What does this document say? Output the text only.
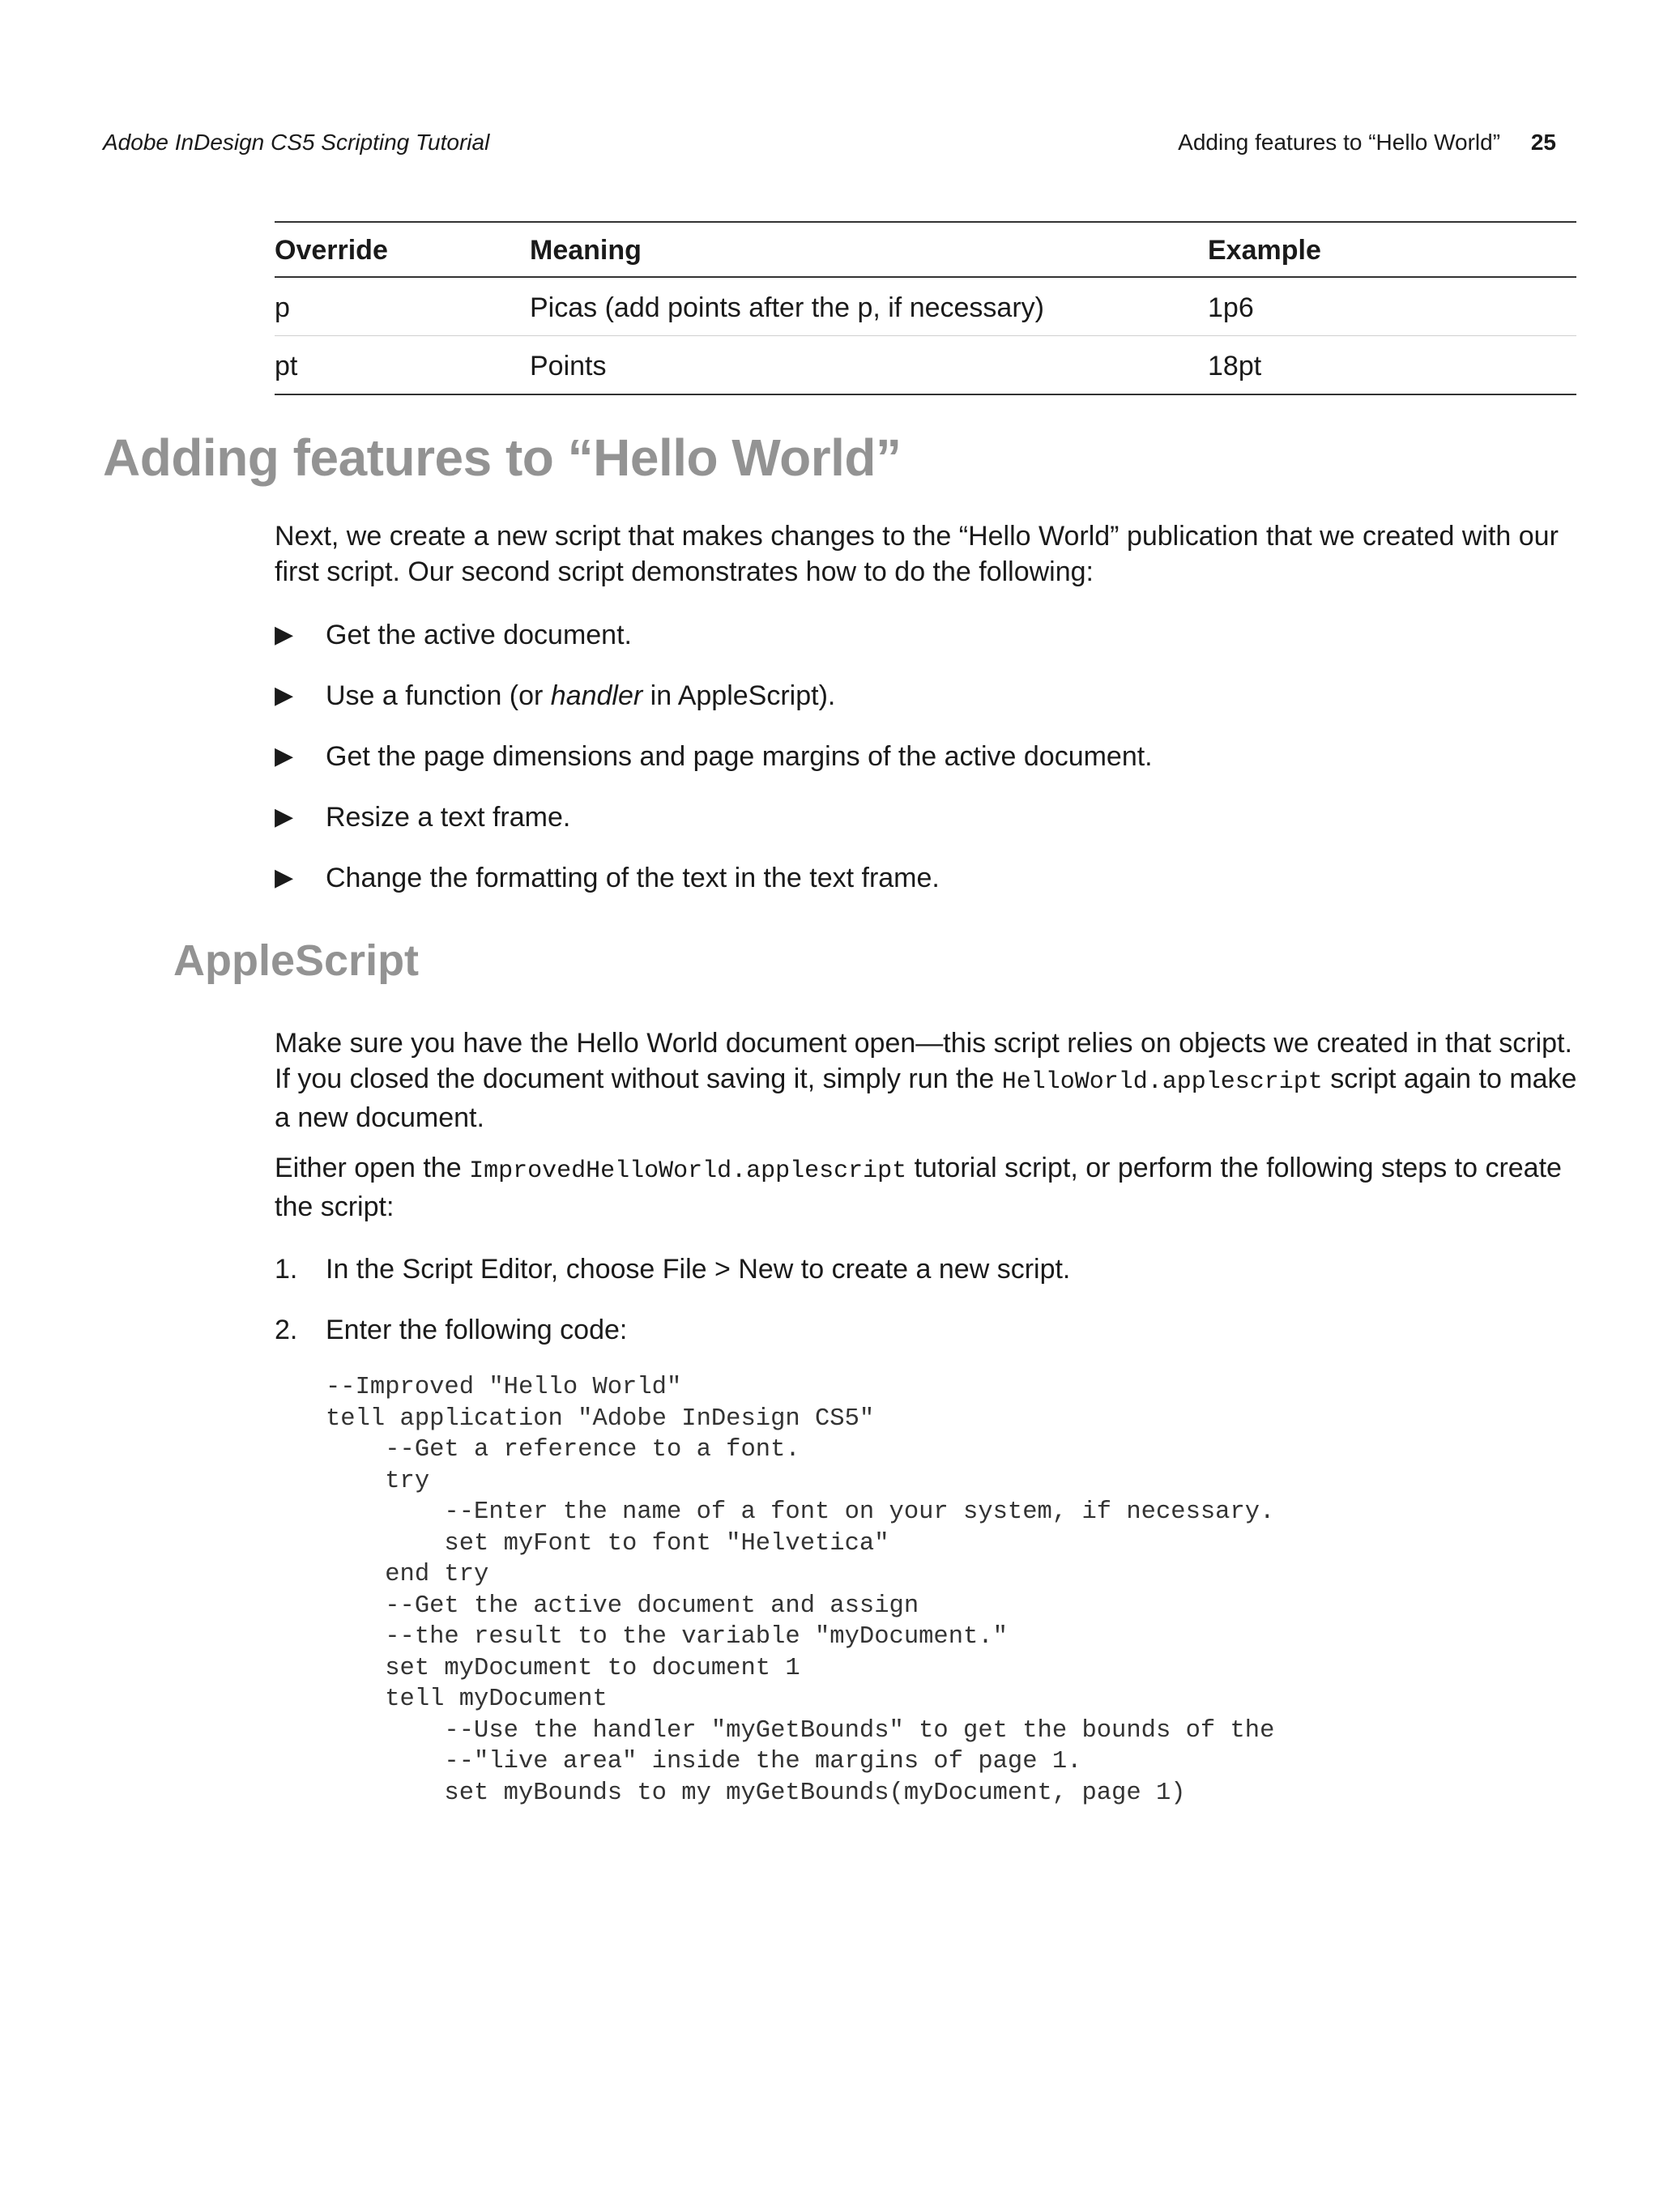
Adobe InDesign CS5 Scripting Tutorial	Adding features to “Hello World” 25
Override	Meaning	Example
p	Picas (add points after the p, if necessary)	1p6
pt	Points	18pt
Adding features to “Hello World”

Next, we create a new script that makes changes to the “Hello World” publication that we created with our first script. Our second script demonstrates how to do the following:

▶ Get the active document.
▶ Use a function (or handler in AppleScript).
▶ Get the page dimensions and page margins of the active document.
▶ Resize a text frame.
▶ Change the formatting of the text in the text frame.
AppleScript

Make sure you have the Hello World document open—this script relies on objects we created in that script. If you closed the document without saving it, simply run the HelloWorld.applescript script again to make a new document.

Either open the ImprovedHelloWorld.applescript tutorial script, or perform the following steps to create the script:

1. In the Script Editor, choose File > New to create a new script.
2. Enter the following code:
--Improved "Hello World"
tell application "Adobe InDesign CS5"
--Get a reference to a font.
try
--Enter the name of a font on your system, if necessary.
set myFont to font "Helvetica"
end try
--Get the active document and assign
--the result to the variable "myDocument."
set myDocument to document 1
tell myDocument
--Use the handler "myGetBounds" to get the bounds of the
--"live area" inside the margins of page 1.
set myBounds to my myGetBounds(myDocument, page 1)
